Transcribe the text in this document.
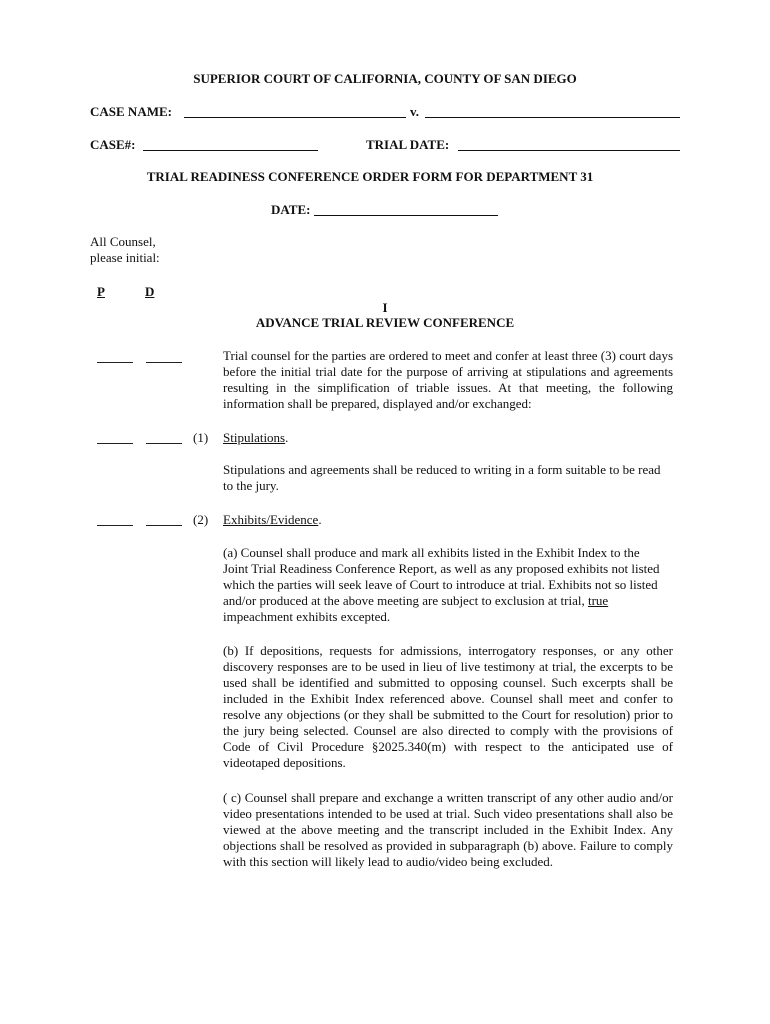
SUPERIOR COURT OF CALIFORNIA, COUNTY OF SAN DIEGO
CASE NAME:	v.
CASE#:	TRIAL DATE:
TRIAL READINESS CONFERENCE ORDER FORM FOR DEPARTMENT 31
DATE:
All Counsel,
please initial:
P	D
I
ADVANCE TRIAL REVIEW CONFERENCE

Trial counsel for the parties are ordered to meet and confer at least three (3) court days before the initial trial date for the purpose of arriving at stipulations and agreements resulting in the simplification of triable issues. At that meeting, the following information shall be prepared, displayed and/or exchanged:

(1) Stipulations.

Stipulations and agreements shall be reduced to writing in a form suitable to be read to the jury.

(2) Exhibits/Evidence.

(a) Counsel shall produce and mark all exhibits listed in the Exhibit Index to the Joint Trial Readiness Conference Report, as well as any proposed exhibits not listed which the parties will seek leave of Court to introduce at trial. Exhibits not so listed and/or produced at the above meeting are subject to exclusion at trial, true impeachment exhibits excepted.

(b) If depositions, requests for admissions, interrogatory responses, or any other discovery responses are to be used in lieu of live testimony at trial, the excerpts to be used shall be identified and submitted to opposing counsel. Such excerpts shall be included in the Exhibit Index referenced above. Counsel shall meet and confer to resolve any objections (or they shall be submitted to the Court for resolution) prior to the jury being selected. Counsel are also directed to comply with the provisions of Code of Civil Procedure §2025.340(m) with respect to the anticipated use of videotaped depositions.

( c) Counsel shall prepare and exchange a written transcript of any other audio and/or video presentations intended to be used at trial. Such video presentations shall also be viewed at the above meeting and the transcript included in the Exhibit Index. Any objections shall be resolved as provided in subparagraph (b) above. Failure to comply with this section will likely lead to audio/video being excluded.
